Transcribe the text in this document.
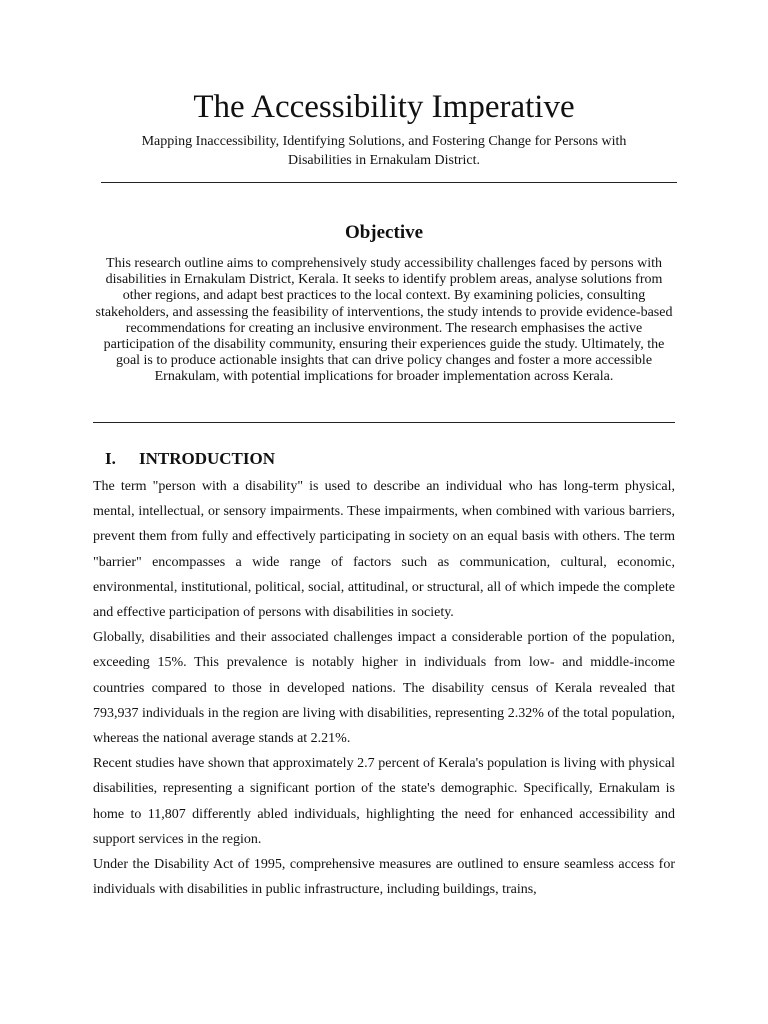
The Accessibility Imperative

Mapping Inaccessibility, Identifying Solutions, and Fostering Change for Persons with Disabilities in Ernakulam District.

Objective

This research outline aims to comprehensively study accessibility challenges faced by persons with disabilities in Ernakulam District, Kerala. It seeks to identify problem areas, analyse solutions from other regions, and adapt best practices to the local context. By examining policies, consulting stakeholders, and assessing the feasibility of interventions, the study intends to provide evidence-based recommendations for creating an inclusive environment. The research emphasises the active participation of the disability community, ensuring their experiences guide the study. Ultimately, the goal is to produce actionable insights that can drive policy changes and foster a more accessible Ernakulam, with potential implications for broader implementation across Kerala.

I. INTRODUCTION

The term "person with a disability" is used to describe an individual who has long-term physical, mental, intellectual, or sensory impairments. These impairments, when combined with various barriers, prevent them from fully and effectively participating in society on an equal basis with others. The term "barrier" encompasses a wide range of factors such as communication, cultural, economic, environmental, institutional, political, social, attitudinal, or structural, all of which impede the complete and effective participation of persons with disabilities in society.

Globally, disabilities and their associated challenges impact a considerable portion of the population, exceeding 15%. This prevalence is notably higher in individuals from low- and middle-income countries compared to those in developed nations. The disability census of Kerala revealed that 793,937 individuals in the region are living with disabilities, representing 2.32% of the total population, whereas the national average stands at 2.21%.

Recent studies have shown that approximately 2.7 percent of Kerala's population is living with physical disabilities, representing a significant portion of the state's demographic. Specifically, Ernakulam is home to 11,807 differently abled individuals, highlighting the need for enhanced accessibility and support services in the region.

Under the Disability Act of 1995, comprehensive measures are outlined to ensure seamless access for individuals with disabilities in public infrastructure, including buildings, trains,
